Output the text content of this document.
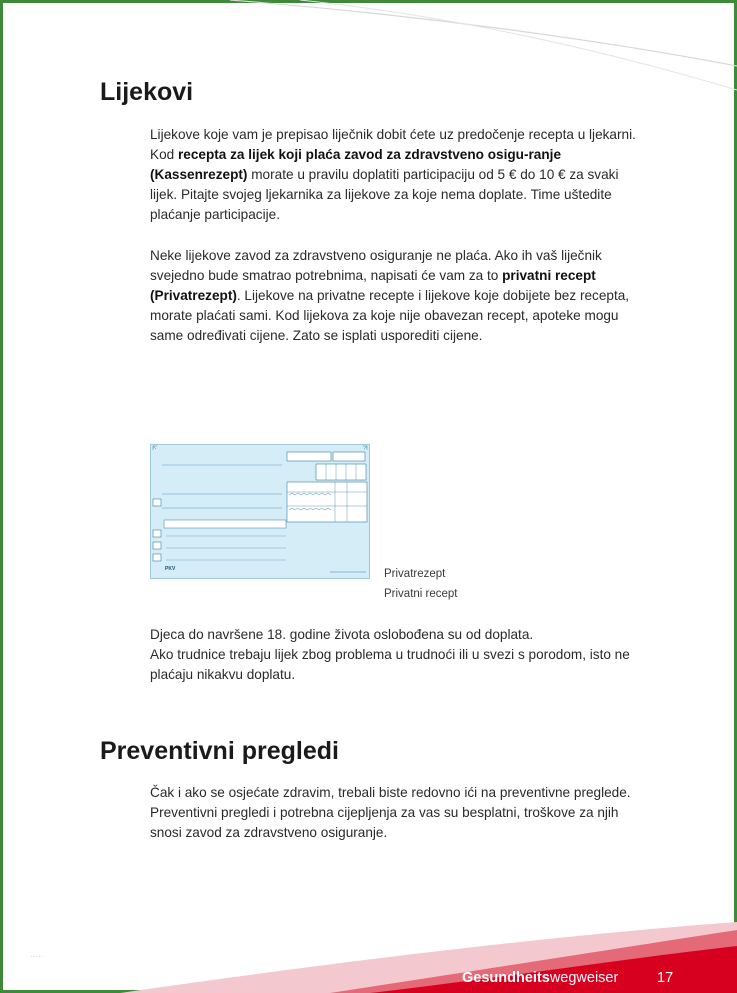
Lijekovi

Lijekove koje vam je prepisao liječnik dobit ćete uz predočenje recepta u ljekarni. Kod recepta za lijek koji plaća zavod za zdravstveno osigu-ranje (Kassenrezept) morate u pravilu doplatiti participaciju od 5 € do 10 € za svaki lijek. Pitajte svojeg ljekarnika za lijekove za koje nema doplate. Time uštedite plaćanje participacije.

Neke lijekove zavod za zdravstveno osiguranje ne plaća. Ako ih vaš liječnik svejedno bude smatrao potrebnima, napisati će vam za to privatni recept (Privatrezept). Lijekove na privatne recepte i lijekove koje dobijete bez recepta, morate plaćati sami. Kod lijekova za koje nije obavezan recept, apoteke mogu same određivati cijene. Zato se isplati usporediti cijene.

PKV	Privatrezept
Privatni recept

Djeca do navršene 18. godine života oslobođena su od doplata.
Ako trudnice trebaju lijek zbog problema u trudnoći ili u svezi s porodom, isto ne plaćaju nikakvu doplatu.

Preventivni pregledi

Čak i ako se osjećate zdravim, trebali biste redovno ići na preventivne preglede. Preventivni pregledi i potrebna cijepljenja za vas su besplatni, troškove za njih snosi zavod za zdravstveno osiguranje.

·····
Gesundheitswegweiser	17
